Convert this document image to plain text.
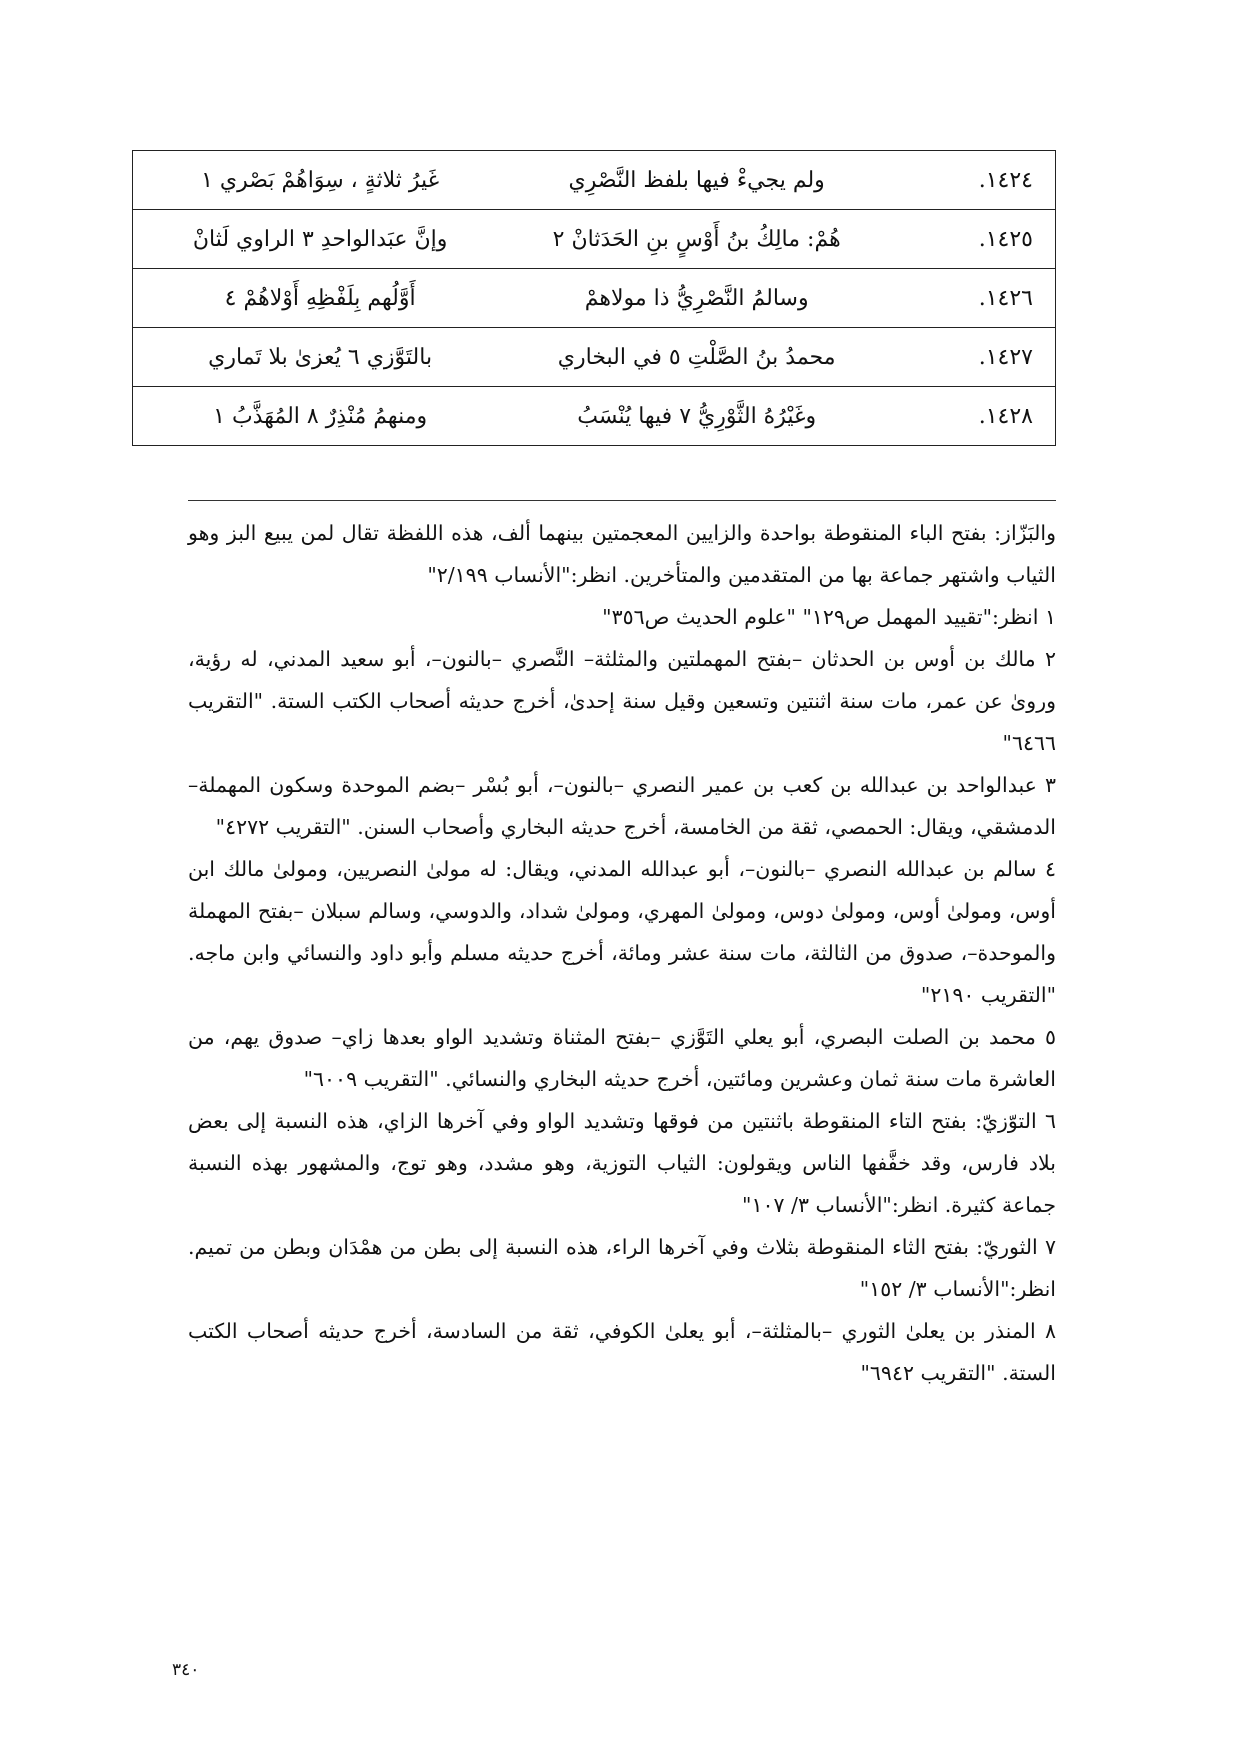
١٤٢٤.	ولم يجيءْ فيها بلفظ النَّصْرِي	غَيرُ ثلاثةٍ ، سِوَاهُمْ بَصْري ١
١٤٢٥.	هُمْ: مالِكُ بنُ أَوْسٍ بنِ الحَدَثانْ ٢	وإنَّ عبَدالواحدِ ٣ الراوي لَثانْ
١٤٢٦.	وسالمُ النَّصْرِيُّ ذا مولاهمْ	أَوَّلُهم بِلَفْظِهِ أَوْلاهُمْ ٤
١٤٢٧.	محمدُ بنُ الصَّلْتِ ٥ في البخاري	بالتَوَّزي ٦ يُعزىٰ بلا تَماري
١٤٢٨.	وغَيْرُهُ الثَّوْرِيُّ ٧ فيها يُنْسَبُ	ومنهمُ مُنْذِرٌ ٨ المُهَذَّبُ ١

والبَزّاز: بفتح الباء المنقوطة بواحدة والزايين المعجمتين بينهما ألف، هذه اللفظة تقال لمن يبيع البز وهو الثياب واشتهر جماعة بها من المتقدمين والمتأخرين. انظر:"الأنساب ٢/١٩٩"

١ انظر:"تقييد المهمل ص١٢٩" "علوم الحديث ص٣٥٦"

٢ مالك بن أوس بن الحدثان –بفتح المهملتين والمثلثة– النَّصري –بالنون–، أبو سعيد المدني، له رؤية، وروىٰ عن عمر، مات سنة اثنتين وتسعين وقيل سنة إحدىٰ، أخرج حديثه أصحاب الكتب الستة. "التقريب ٦٤٦٦"

٣ عبدالواحد بن عبدالله بن كعب بن عمير النصري –بالنون–، أبو بُسْر –بضم الموحدة وسكون المهملة– الدمشقي، ويقال: الحمصي، ثقة من الخامسة، أخرج حديثه البخاري وأصحاب السنن. "التقريب ٤٢٧٢"

٤ سالم بن عبدالله النصري –بالنون–، أبو عبدالله المدني، ويقال: له مولىٰ النصريين، ومولىٰ مالك ابن أوس، ومولىٰ أوس، ومولىٰ دوس، ومولىٰ المهري، ومولىٰ شداد، والدوسي، وسالم سبلان –بفتح المهملة والموحدة–، صدوق من الثالثة، مات سنة عشر ومائة، أخرج حديثه مسلم وأبو داود والنسائي وابن ماجه. "التقريب ٢١٩٠"

٥ محمد بن الصلت البصري، أبو يعلي التَوَّزي –بفتح المثناة وتشديد الواو بعدها زاي– صدوق يهم، من العاشرة مات سنة ثمان وعشرين ومائتين، أخرج حديثه البخاري والنسائي. "التقريب ٦٠٠٩"

٦ التوّزيّ: بفتح التاء المنقوطة باثنتين من فوقها وتشديد الواو وفي آخرها الزاي، هذه النسبة إلى بعض بلاد فارس، وقد خفَّفها الناس ويقولون: الثياب التوزية، وهو مشدد، وهو توج، والمشهور بهذه النسبة جماعة كثيرة. انظر:"الأنساب ٣/ ١٠٧"

٧ الثوريّ: بفتح الثاء المنقوطة بثلاث وفي آخرها الراء، هذه النسبة إلى بطن من همْدَان وبطن من تميم. انظر:"الأنساب ٣/ ١٥٢"

٨ المنذر بن يعلىٰ الثوري –بالمثلثة–، أبو يعلىٰ الكوفي، ثقة من السادسة، أخرج حديثه أصحاب الكتب الستة. "التقريب ٦٩٤٢"

٣٤٠
